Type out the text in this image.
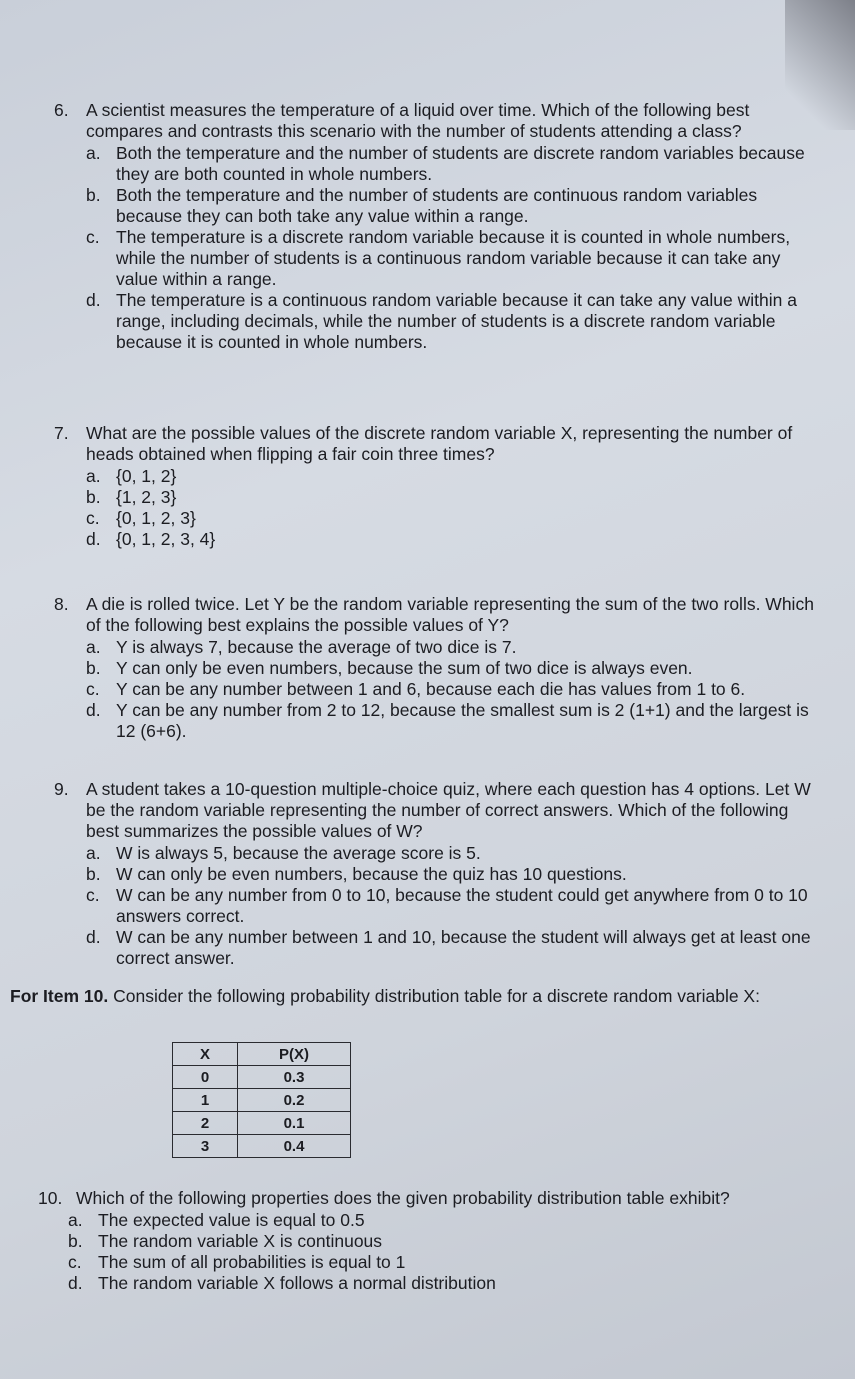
6. A scientist measures the temperature of a liquid over time. Which of the following best compares and contrasts this scenario with the number of students attending a class?
a. Both the temperature and the number of students are discrete random variables because they are both counted in whole numbers.
b. Both the temperature and the number of students are continuous random variables because they can both take any value within a range.
c. The temperature is a discrete random variable because it is counted in whole numbers, while the number of students is a continuous random variable because it can take any value within a range.
d. The temperature is a continuous random variable because it can take any value within a range, including decimals, while the number of students is a discrete random variable because it is counted in whole numbers.
7. What are the possible values of the discrete random variable X, representing the number of heads obtained when flipping a fair coin three times?
a. {0, 1, 2}
b. {1, 2, 3}
c. {0, 1, 2, 3}
d. {0, 1, 2, 3, 4}
8. A die is rolled twice. Let Y be the random variable representing the sum of the two rolls. Which of the following best explains the possible values of Y?
a. Y is always 7, because the average of two dice is 7.
b. Y can only be even numbers, because the sum of two dice is always even.
c. Y can be any number between 1 and 6, because each die has values from 1 to 6.
d. Y can be any number from 2 to 12, because the smallest sum is 2 (1+1) and the largest is 12 (6+6).
9. A student takes a 10-question multiple-choice quiz, where each question has 4 options. Let W be the random variable representing the number of correct answers. Which of the following best summarizes the possible values of W?
a. W is always 5, because the average score is 5.
b. W can only be even numbers, because the quiz has 10 questions.
c. W can be any number from 0 to 10, because the student could get anywhere from 0 to 10 answers correct.
d. W can be any number between 1 and 10, because the student will always get at least one correct answer.
For Item 10. Consider the following probability distribution table for a discrete random variable X:
X	P(X)
0	0.3
1	0.2
2	0.1
3	0.4
10. Which of the following properties does the given probability distribution table exhibit?
a. The expected value is equal to 0.5
b. The random variable X is continuous
c. The sum of all probabilities is equal to 1
d. The random variable X follows a normal distribution
